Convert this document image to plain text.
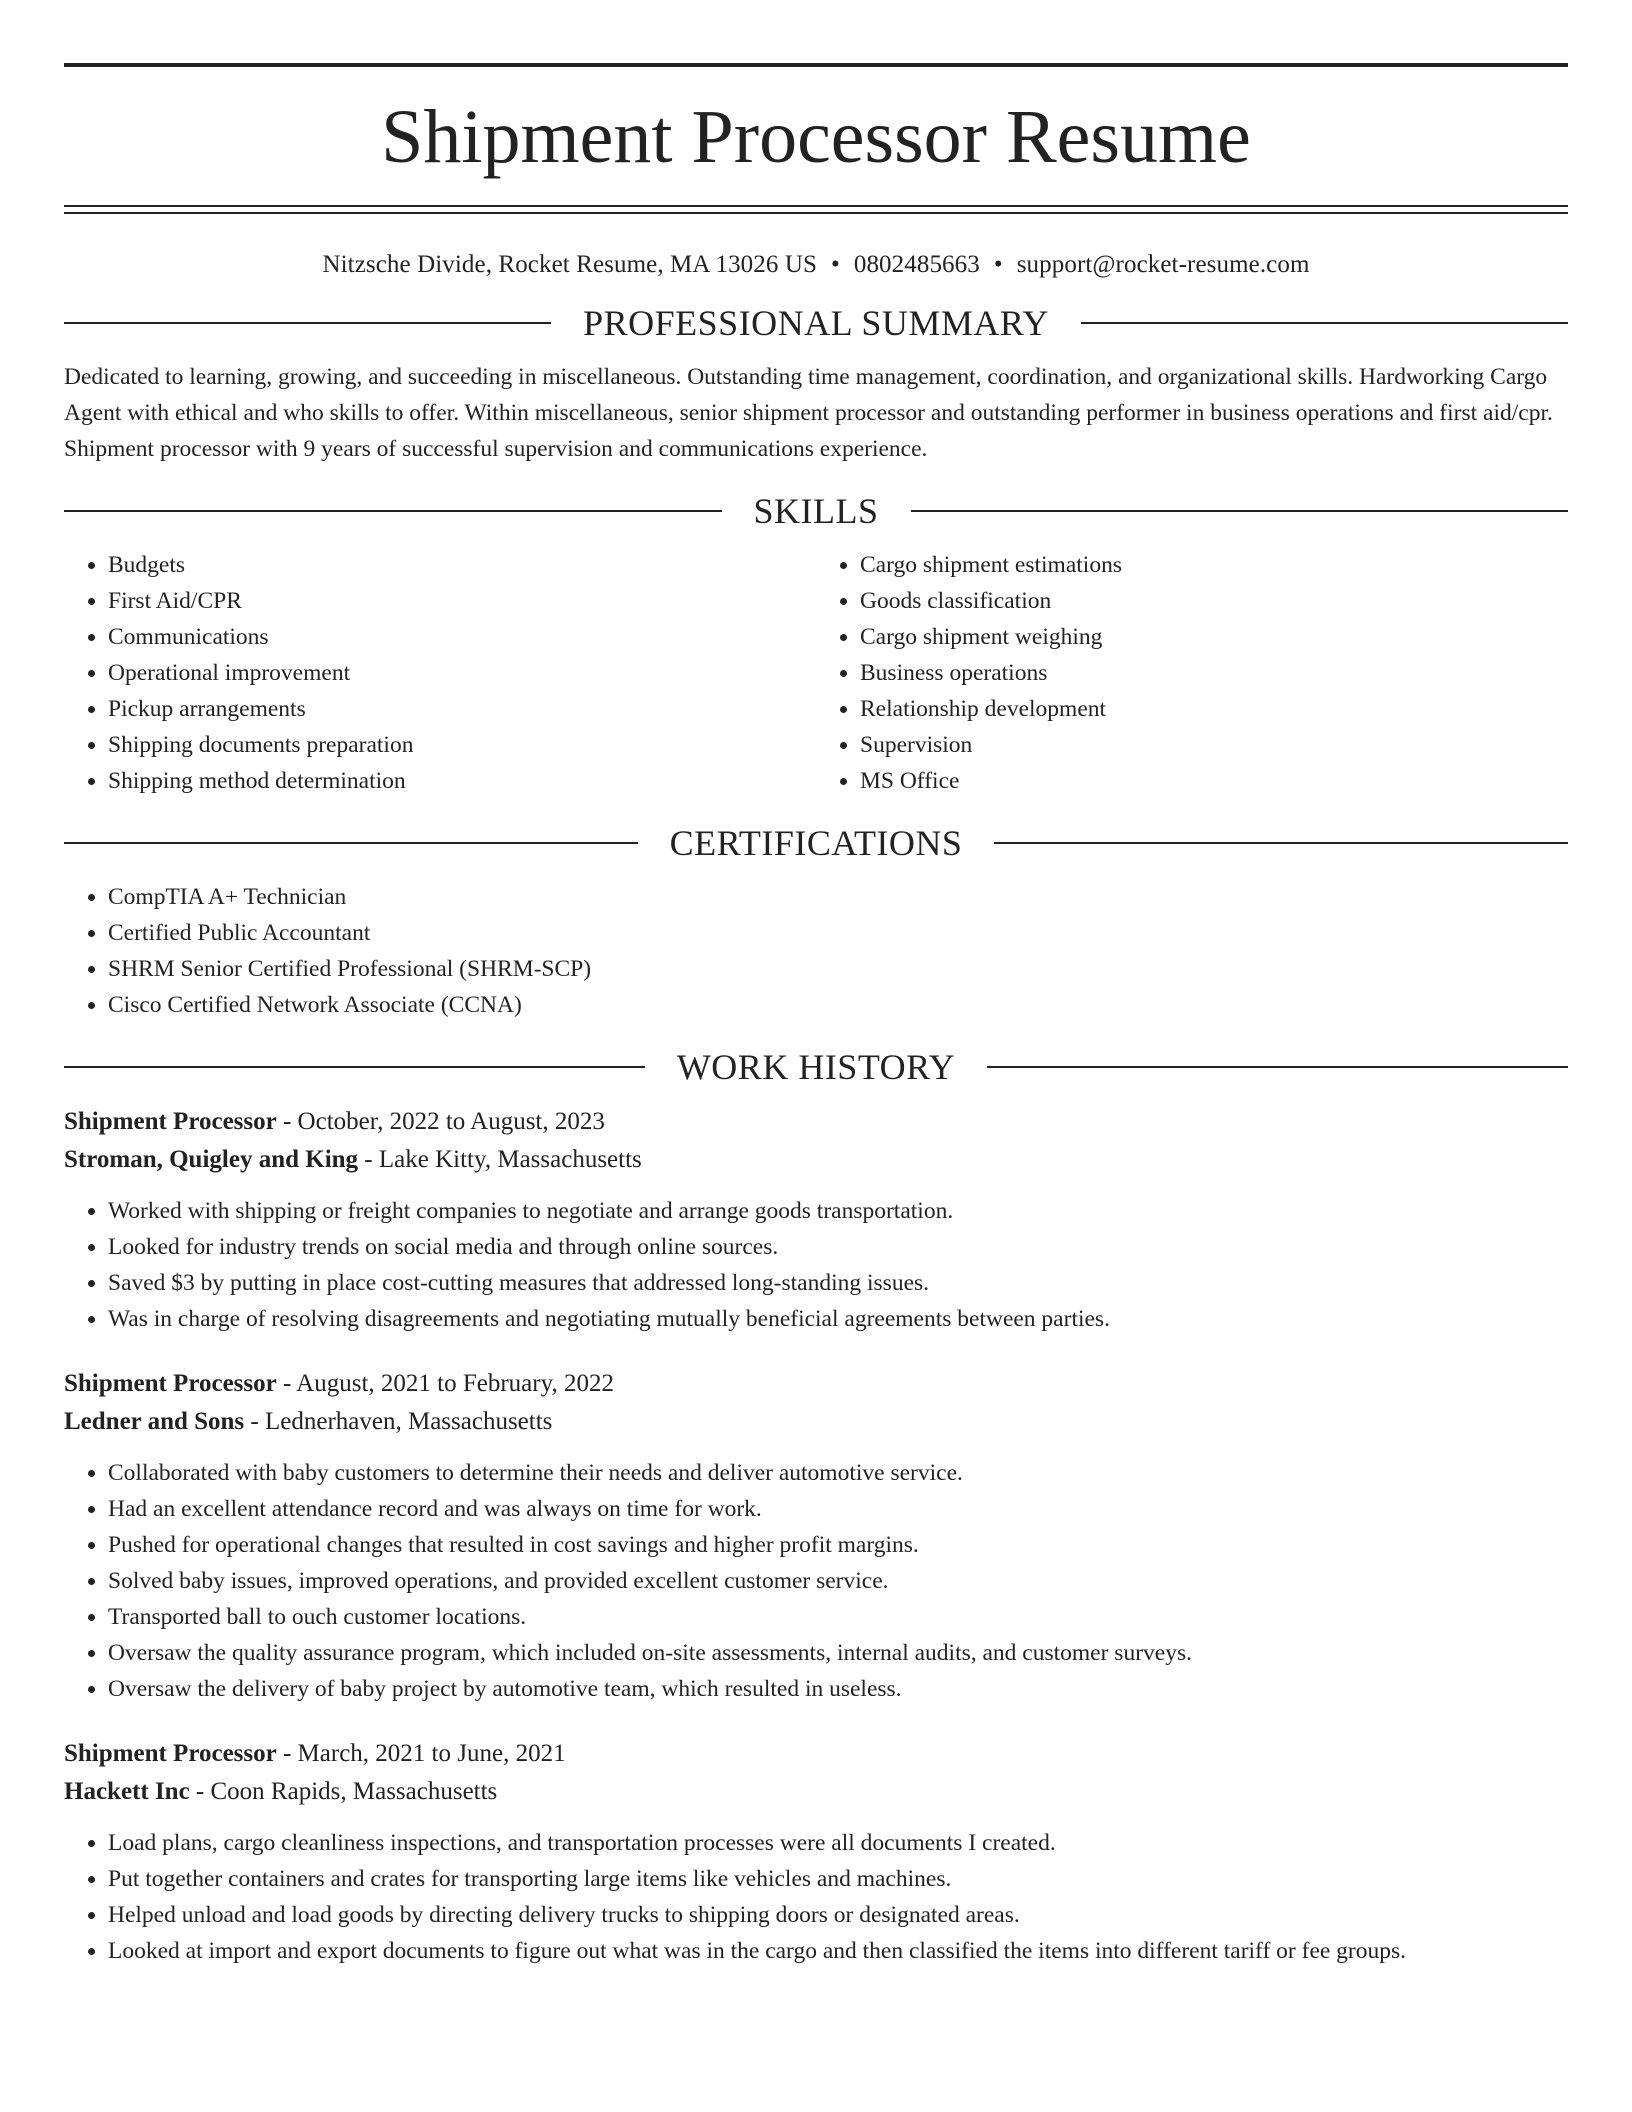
Shipment Processor Resume
Nitzsche Divide, Rocket Resume, MA 13026 US • 0802485663 • support@rocket-resume.com
PROFESSIONAL SUMMARY

Dedicated to learning, growing, and succeeding in miscellaneous. Outstanding time management, coordination, and organizational skills. Hardworking Cargo Agent with ethical and who skills to offer. Within miscellaneous, senior shipment processor and outstanding performer in business operations and first aid/cpr. Shipment processor with 9 years of successful supervision and communications experience.

SKILLS
• Budgets
• First Aid/CPR
• Communications
• Operational improvement
• Pickup arrangements
• Shipping documents preparation
• Shipping method determination
• Cargo shipment estimations
• Goods classification
• Cargo shipment weighing
• Business operations
• Relationship development
• Supervision
• MS Office
CERTIFICATIONS
• CompTIA A+ Technician
• Certified Public Accountant
• SHRM Senior Certified Professional (SHRM-SCP)
• Cisco Certified Network Associate (CCNA)
WORK HISTORY
Shipment Processor - October, 2022 to August, 2023
Stroman, Quigley and King - Lake Kitty, Massachusetts
• Worked with shipping or freight companies to negotiate and arrange goods transportation.
• Looked for industry trends on social media and through online sources.
• Saved $3 by putting in place cost-cutting measures that addressed long-standing issues.
• Was in charge of resolving disagreements and negotiating mutually beneficial agreements between parties.
Shipment Processor - August, 2021 to February, 2022
Ledner and Sons - Lednerhaven, Massachusetts
• Collaborated with baby customers to determine their needs and deliver automotive service.
• Had an excellent attendance record and was always on time for work.
• Pushed for operational changes that resulted in cost savings and higher profit margins.
• Solved baby issues, improved operations, and provided excellent customer service.
• Transported ball to ouch customer locations.
• Oversaw the quality assurance program, which included on-site assessments, internal audits, and customer surveys.
• Oversaw the delivery of baby project by automotive team, which resulted in useless.
Shipment Processor - March, 2021 to June, 2021
Hackett Inc - Coon Rapids, Massachusetts
• Load plans, cargo cleanliness inspections, and transportation processes were all documents I created.
• Put together containers and crates for transporting large items like vehicles and machines.
• Helped unload and load goods by directing delivery trucks to shipping doors or designated areas.
• Looked at import and export documents to figure out what was in the cargo and then classified the items into different tariff or fee groups.
